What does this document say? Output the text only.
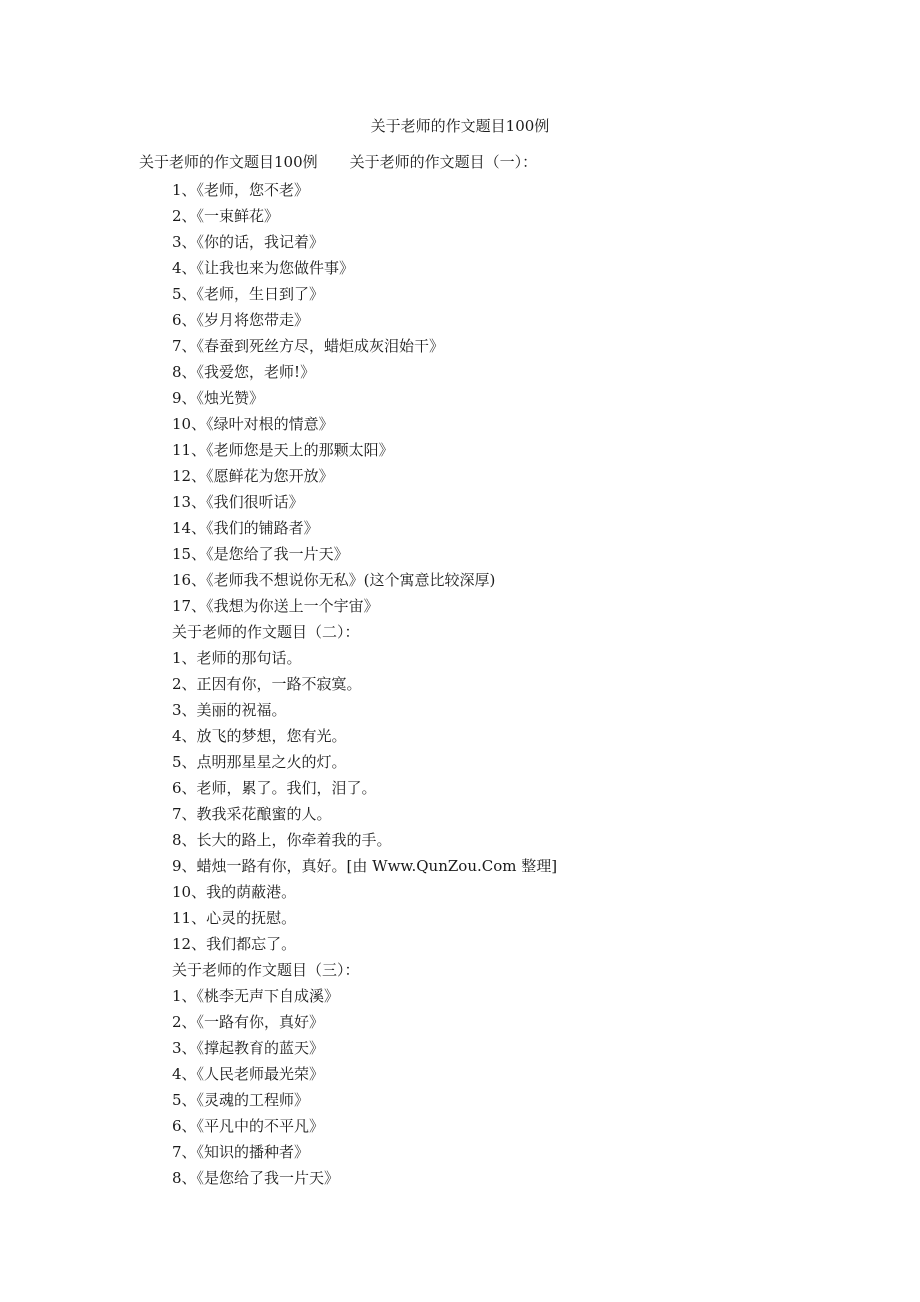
关于老师的作文题目100例
关于老师的作文题目100例 关于老师的作文题目（一）：
1、《老师，您不老》
2、《一束鲜花》
3、《你的话，我记着》
4、《让我也来为您做件事》
5、《老师，生日到了》
6、《岁月将您带走》
7、《春蚕到死丝方尽，蜡炬成灰泪始干》
8、《我爱您，老师!》
9、《烛光赞》
10、《绿叶对根的情意》
11、《老师您是天上的那颗太阳》
12、《愿鲜花为您开放》
13、《我们很听话》
14、《我们的铺路者》
15、《是您给了我一片天》
16、《老师我不想说你无私》(这个寓意比较深厚)
17、《我想为你送上一个宇宙》
关于老师的作文题目（二）：
1、老师的那句话。
2、正因有你，一路不寂寞。
3、美丽的祝福。
4、放飞的梦想，您有光。
5、点明那星星之火的灯。
6、老师，累了。我们，泪了。
7、教我采花酿蜜的人。
8、长大的路上，你牵着我的手。
9、蜡烛一路有你，真好。[由 Www.QunZou.Com 整理]
10、我的荫蔽港。
11、心灵的抚慰。
12、我们都忘了。
关于老师的作文题目（三）：
1、《桃李无声下自成溪》
2、《一路有你，真好》
3、《撑起教育的蓝天》
4、《人民老师最光荣》
5、《灵魂的工程师》
6、《平凡中的不平凡》
7、《知识的播种者》
8、《是您给了我一片天》
